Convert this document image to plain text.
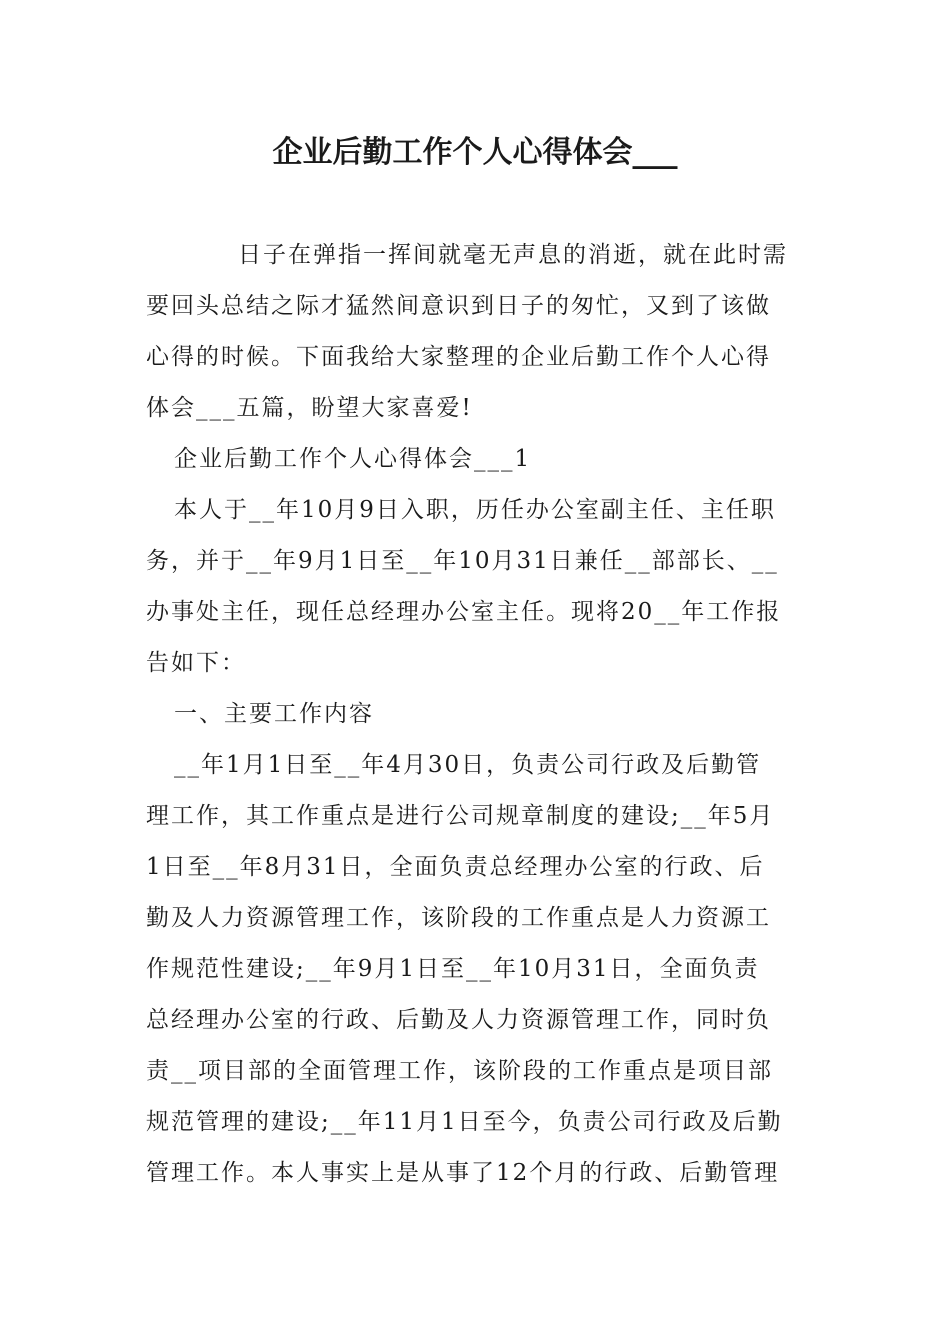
企业后勤工作个人心得体会___

日子在弹指一挥间就毫无声息的消逝，就在此时需

要回头总结之际才猛然间意识到日子的匆忙，又到了该做

心得的时候。下面我给大家整理的企业后勤工作个人心得

体会___五篇，盼望大家喜爱!

企业后勤工作个人心得体会___1

本人于__年10月9日入职，历任办公室副主任、主任职

务，并于__年9月1日至__年10月31日兼任__部部长、__

办事处主任，现任总经理办公室主任。现将20__年工作报

告如下：

一、主要工作内容

__年1月1日至__年4月30日，负责公司行政及后勤管

理工作，其工作重点是进行公司规章制度的建设;__年5月

1日至__年8月31日，全面负责总经理办公室的行政、后

勤及人力资源管理工作，该阶段的工作重点是人力资源工

作规范性建设;__年9月1日至__年10月31日，全面负责

总经理办公室的行政、后勤及人力资源管理工作，同时负

责__项目部的全面管理工作，该阶段的工作重点是项目部

规范管理的建设;__年11月1日至今，负责公司行政及后勤

管理工作。本人事实上是从事了12个月的行政、后勤管理
